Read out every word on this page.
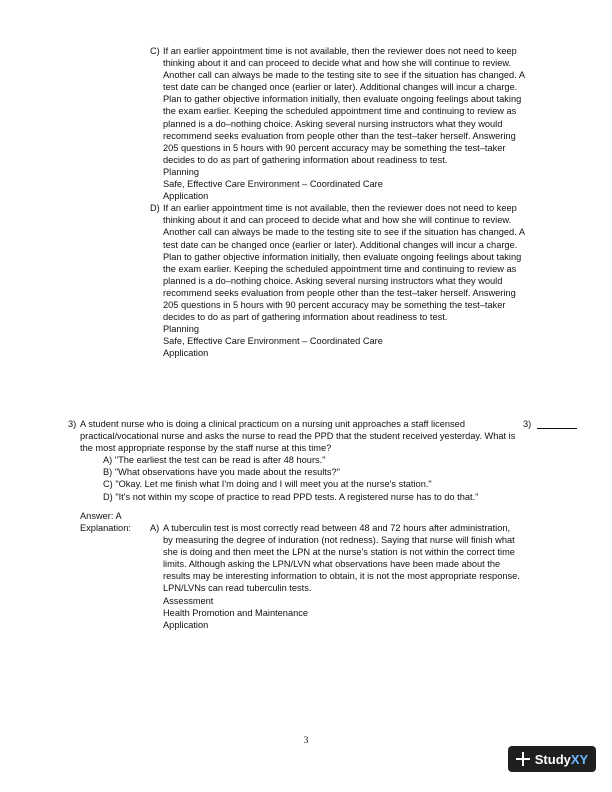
C) If an earlier appointment time is not available, then the reviewer does not need to keep thinking about it and can proceed to decide what and how she will continue to review. Another call can always be made to the testing site to see if the situation has changed. A test date can be changed once (earlier or later). Additional changes will incur a charge. Plan to gather objective information initially, then evaluate ongoing feelings about taking the exam earlier. Keeping the scheduled appointment time and continuing to review as planned is a do–nothing choice. Asking several nursing instructors what they would recommend seeks evaluation from people other than the test–taker herself. Answering 205 questions in 5 hours with 90 percent accuracy may be something the test–taker decides to do as part of gathering information about readiness to test.
Planning
Safe, Effective Care Environment – Coordinated Care
Application
D) If an earlier appointment time is not available, then the reviewer does not need to keep thinking about it and can proceed to decide what and how she will continue to review. Another call can always be made to the testing site to see if the situation has changed. A test date can be changed once (earlier or later). Additional changes will incur a charge. Plan to gather objective information initially, then evaluate ongoing feelings about taking the exam earlier. Keeping the scheduled appointment time and continuing to review as planned is a do–nothing choice. Asking several nursing instructors what they would recommend seeks evaluation from people other than the test–taker herself. Answering 205 questions in 5 hours with 90 percent accuracy may be something the test–taker decides to do as part of gathering information about readiness to test.
Planning
Safe, Effective Care Environment – Coordinated Care
Application
3) A student nurse who is doing a clinical practicum on a nursing unit approaches a staff licensed practical/vocational nurse and asks the nurse to read the PPD that the student received yesterday. What is the most appropriate response by the staff nurse at this time?
A) "The earliest the test can be read is after 48 hours."
B) "What observations have you made about the results?"
C) "Okay. Let me finish what I'm doing and I will meet you at the nurse's station."
D) "It's not within my scope of practice to read PPD tests. A registered nurse has to do that."
3)
Answer: A
Explanation: A) A tuberculin test is most correctly read between 48 and 72 hours after administration, by measuring the degree of induration (not redness). Saying that nurse will finish what she is doing and then meet the LPN at the nurse's station is not within the correct time limits. Although asking the LPN/LVN what observations have been made about the results may be interesting information to obtain, it is not the most appropriate response. LPN/LVNs can read tuberculin tests.
Assessment
Health Promotion and Maintenance
Application
3
StudyXY
